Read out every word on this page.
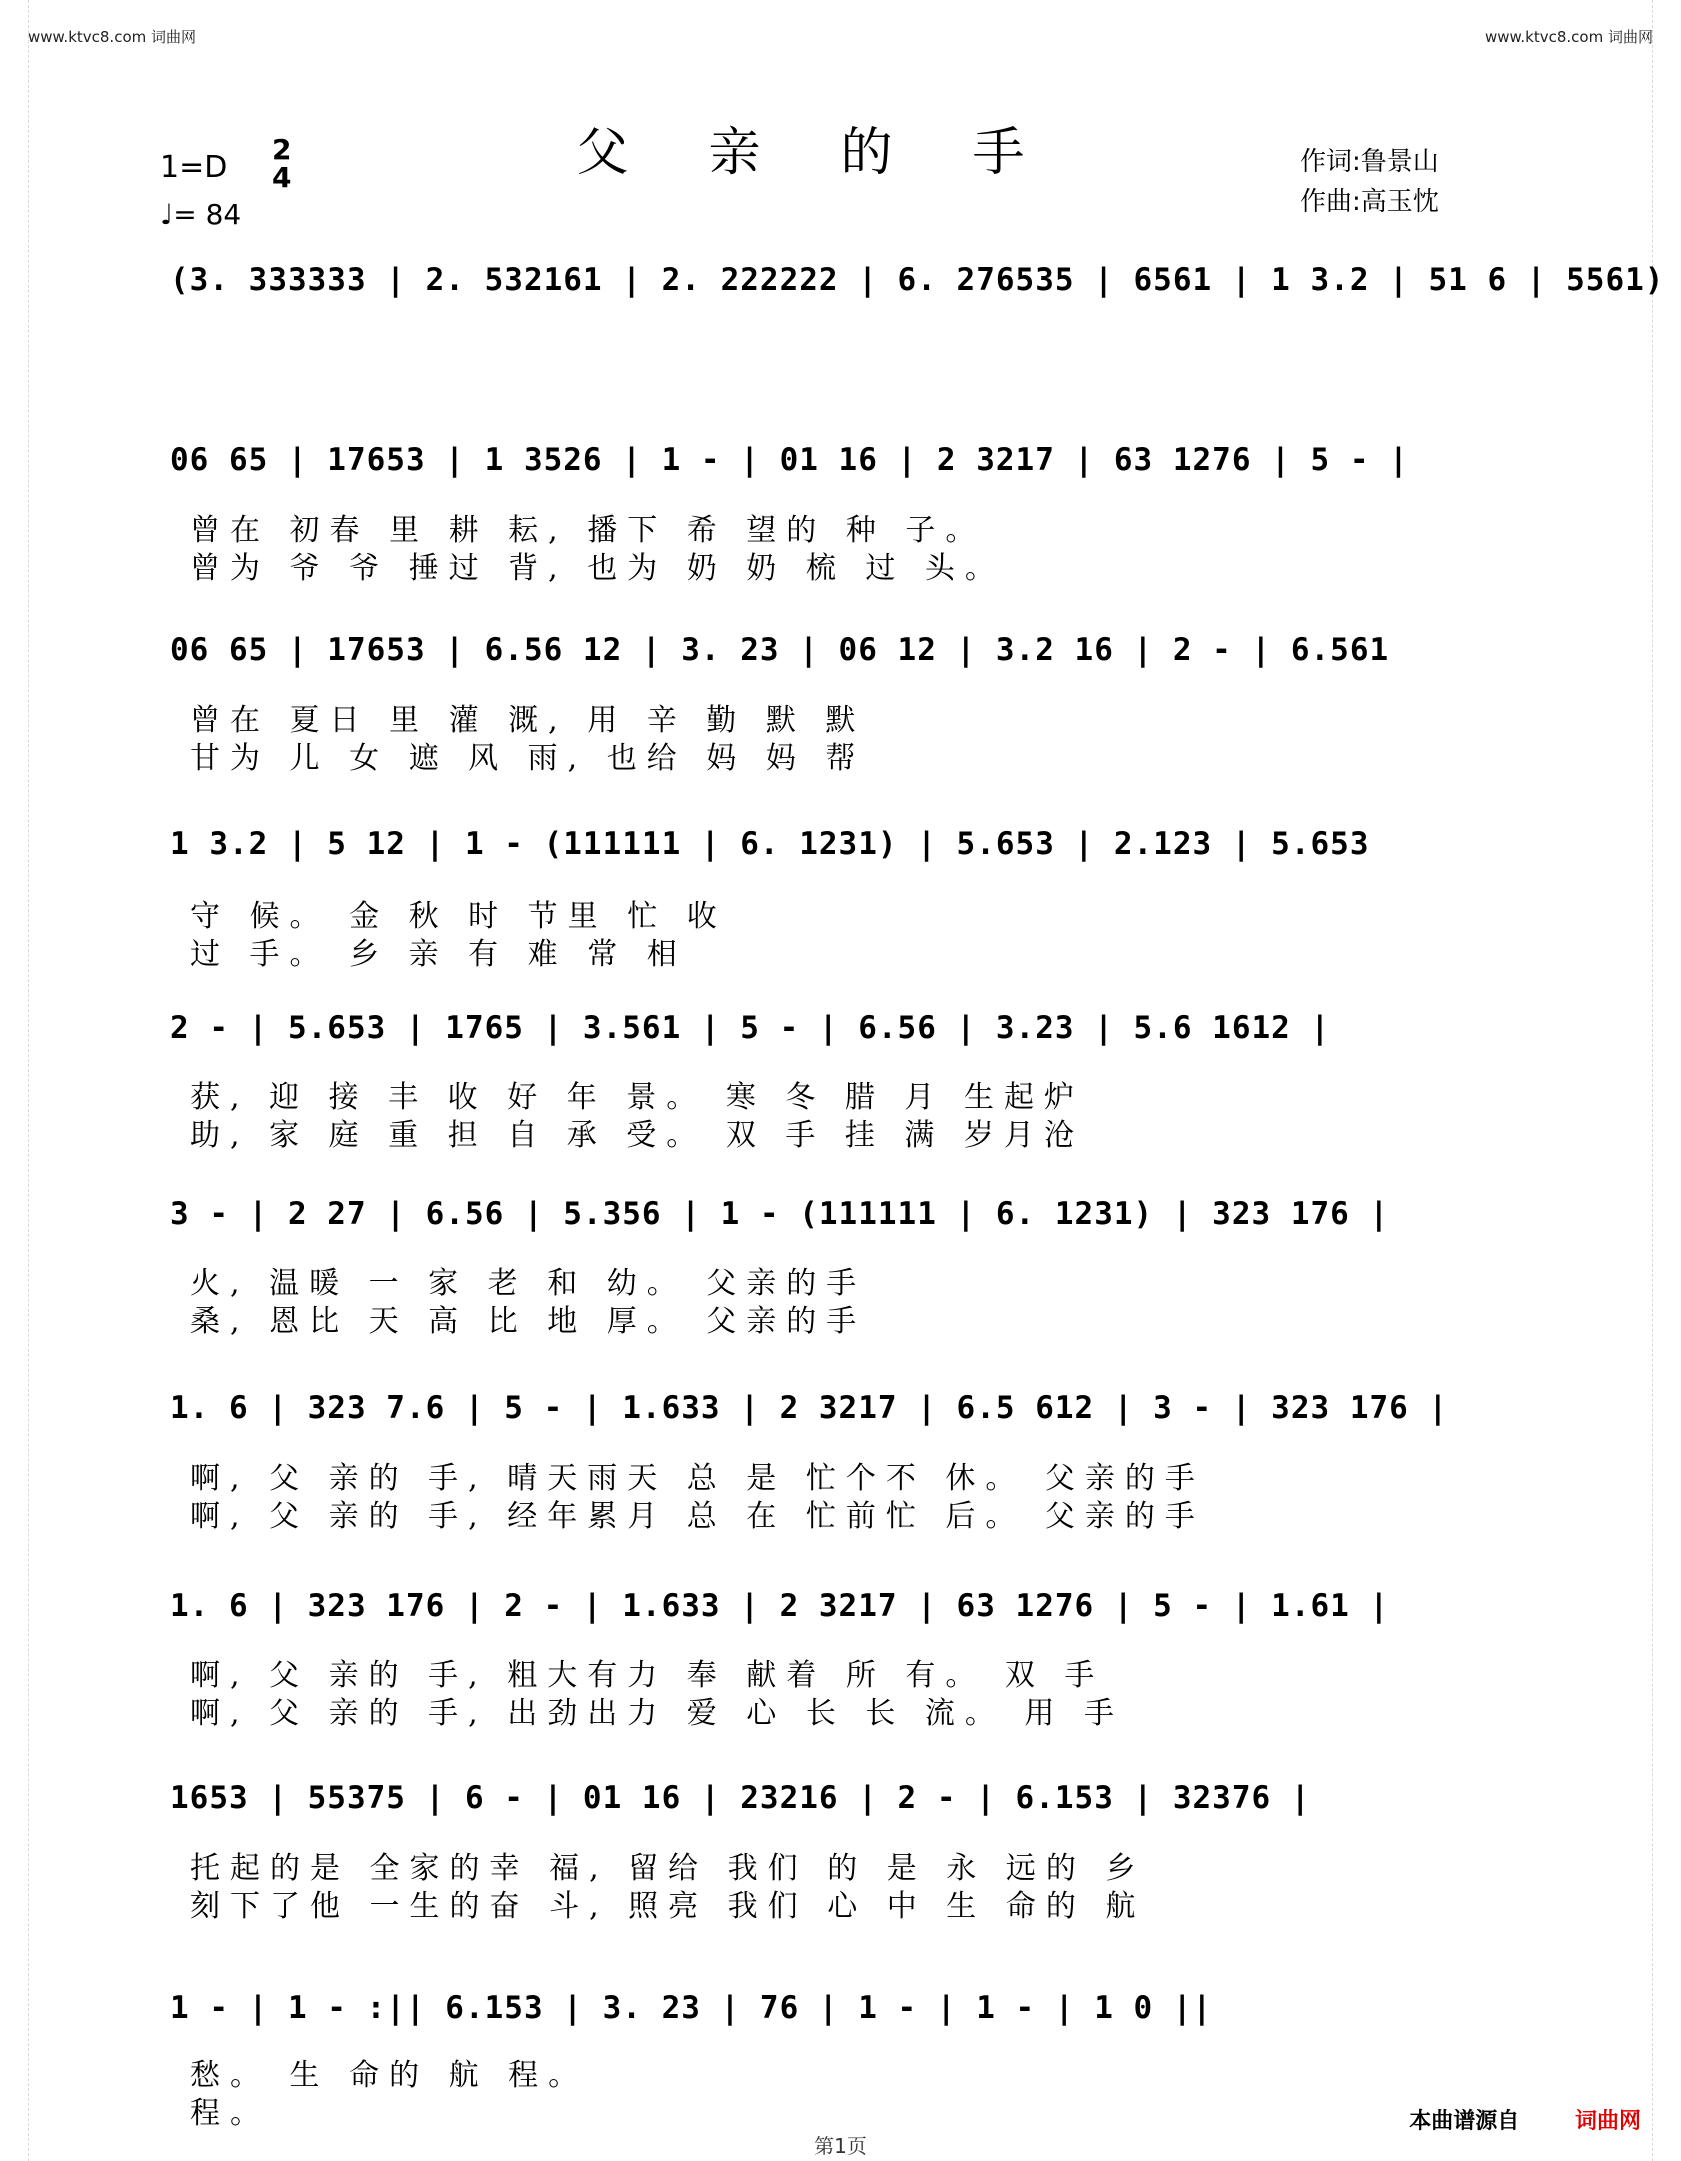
www.ktvc8.com 词曲网	www.ktvc8.com 词曲网
父亲的手
1=D
2
4
♩= 84
作词:鲁景山
作曲:高玉忱
(3. 333333 | 2. 532161 | 2. 222222 | 6. 276535 | 6561 | 1 3.2 | 51 6 | 5561)
06 65 | 17653 | 1 3526 | 1 - | 01 16 | 2 3217 | 63 1276 | 5 - |
曾在 初春 里 耕 耘, 播下 希 望的 种 子。
曾为 爷 爷 捶过 背, 也为 奶 奶 梳 过 头。
06 65 | 17653 | 6.56 12 | 3. 23 | 06 12 | 3.2 16 | 2 - | 6.561
曾在 夏日 里 灌 溉, 用 辛 勤 默 默
甘为 儿 女 遮 风 雨, 也给 妈 妈 帮
1 3.2 | 5 12 | 1 - (111111 | 6. 1231) | 5.653 | 2.123 | 5.653
守 候。 金 秋 时 节里 忙 收
过 手。 乡 亲 有 难 常 相
2 - | 5.653 | 1765 | 3.561 | 5 - | 6.56 | 3.23 | 5.6 1612 |
获, 迎 接 丰 收 好 年 景。 寒 冬 腊 月 生起炉
助, 家 庭 重 担 自 承 受。 双 手 挂 满 岁月沧
3 - | 2 27 | 6.56 | 5.356 | 1 - (111111 | 6. 1231) | 323 176 |
火, 温暖 一 家 老 和 幼。 父亲的手
桑, 恩比 天 高 比 地 厚。 父亲的手
1. 6 | 323 7.6 | 5 - | 1.633 | 2 3217 | 6.5 612 | 3 - | 323 176 |
啊, 父 亲的 手, 晴天雨天 总 是 忙个不 休。 父亲的手
啊, 父 亲的 手, 经年累月 总 在 忙前忙 后。 父亲的手
1. 6 | 323 176 | 2 - | 1.633 | 2 3217 | 63 1276 | 5 - | 1.61 |
啊, 父 亲的 手, 粗大有力 奉 献着 所 有。 双 手
啊, 父 亲的 手, 出劲出力 爱 心 长 长 流。 用 手
1653 | 55375 | 6 - | 01 16 | 23216 | 2 - | 6.153 | 32376 |
托起的是 全家的幸 福, 留给 我们 的 是 永 远的 乡
刻下了他 一生的奋 斗, 照亮 我们 心 中 生 命的 航
1 - | 1 - :|| 6.153 | 3. 23 | 76 | 1 - | 1 - | 1 0 ||
愁。 生 命的 航 程。
程。
第1页
本曲谱源自	词曲网
